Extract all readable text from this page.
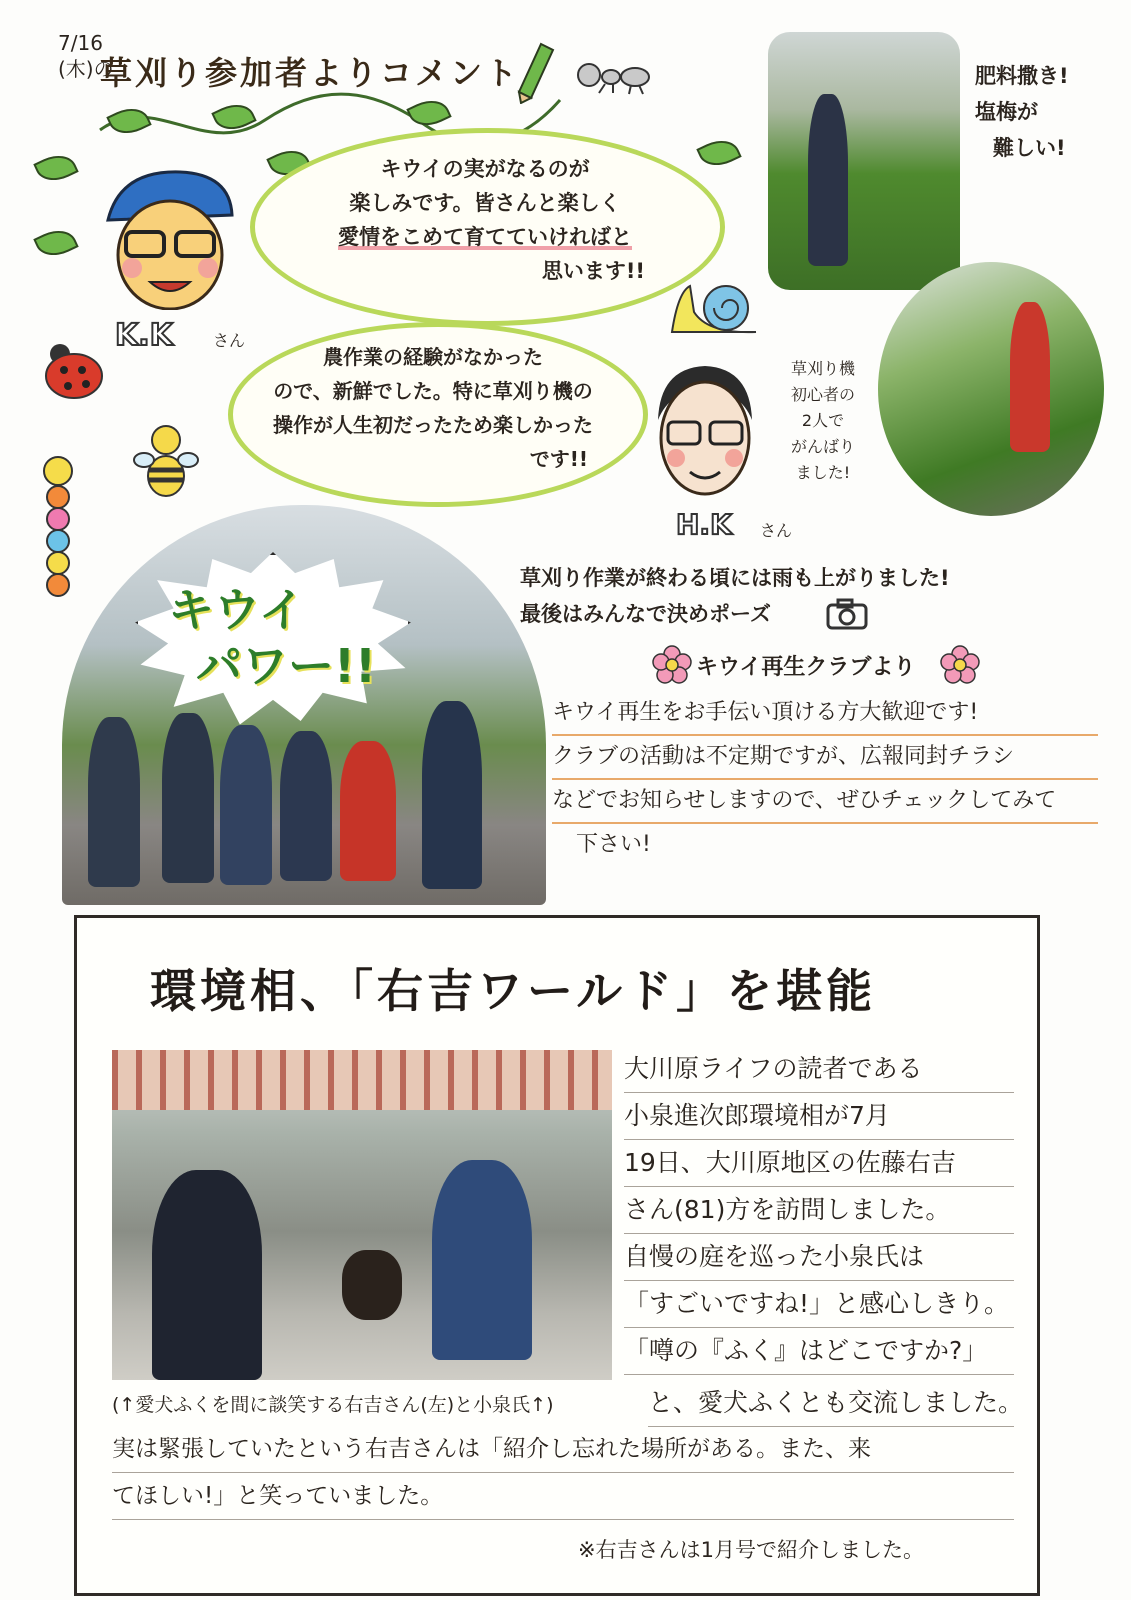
7/16
(木)の
草刈り参加者よりコメント
K.K	さん
キウイの実がなるのが
楽しみです。皆さんと楽しく
愛情をこめて育てていければと
思います!!
農作業の経験がなかった
ので、新鮮でした。特に草刈り機の
操作が人生初だったため楽しかった
です!!
H.K さん
肥料撒き!
塩梅が
難しい!
草刈り機
初心者の
2人で
がんばり
ました!
草刈り作業が終わる頃には雨も上がりました!
最後はみんなで決めポーズ
キウイ
パワー!!	キウイ再生クラブより
キウイ再生をお手伝い頂ける方大歓迎です!
クラブの活動は不定期ですが、広報同封チラシ
などでお知らせしますので、ぜひチェックしてみて
下さい!
環境相、「右吉ワールド」を堪能
大川原ライフの読者である
小泉進次郎環境相が7月
19日、大川原地区の佐藤右吉
さん(81)方を訪問しました。
自慢の庭を巡った小泉氏は
「すごいですね!」と感心しきり。
「噂の『ふく』はどこですか?」
(↑愛犬ふくを間に談笑する右吉さん(左)と小泉氏↑)	と、愛犬ふくとも交流しました。
実は緊張していたという右吉さんは「紹介し忘れた場所がある。また、来
てほしい!」と笑っていました。
※右吉さんは1月号で紹介しました。
